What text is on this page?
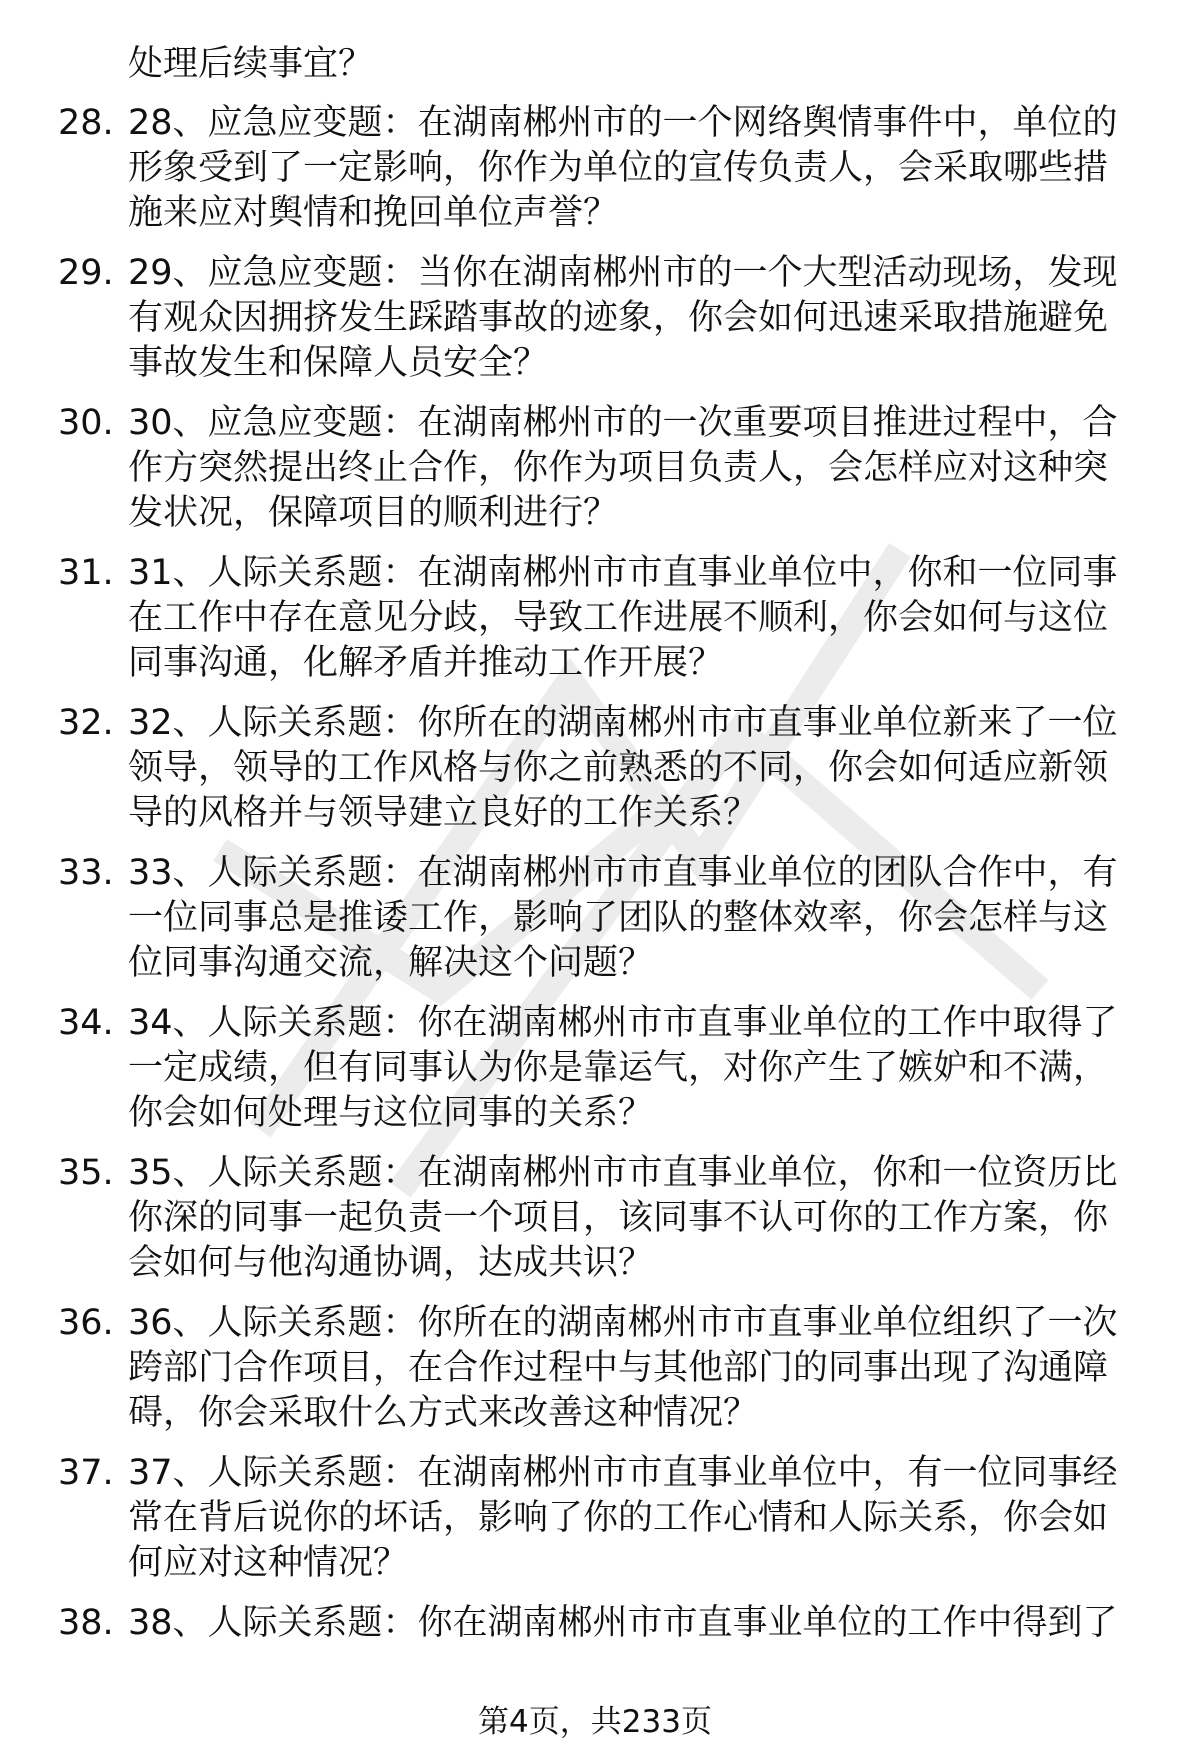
处理后续事宜？
28. 28、应急应变题：在湖南郴州市的一个网络舆情事件中，单位的
形象受到了一定影响，你作为单位的宣传负责人，会采取哪些措
施来应对舆情和挽回单位声誉？
29. 29、应急应变题：当你在湖南郴州市的一个大型活动现场，发现
有观众因拥挤发生踩踏事故的迹象，你会如何迅速采取措施避免
事故发生和保障人员安全？
30. 30、应急应变题：在湖南郴州市的一次重要项目推进过程中，合
作方突然提出终止合作，你作为项目负责人，会怎样应对这种突
发状况，保障项目的顺利进行？
31. 31、人际关系题：在湖南郴州市市直事业单位中，你和一位同事
在工作中存在意见分歧，导致工作进展不顺利，你会如何与这位
同事沟通，化解矛盾并推动工作开展？
32. 32、人际关系题：你所在的湖南郴州市市直事业单位新来了一位
领导，领导的工作风格与你之前熟悉的不同，你会如何适应新领
导的风格并与领导建立良好的工作关系？
33. 33、人际关系题：在湖南郴州市市直事业单位的团队合作中，有
一位同事总是推诿工作，影响了团队的整体效率，你会怎样与这
位同事沟通交流，解决这个问题？
34. 34、人际关系题：你在湖南郴州市市直事业单位的工作中取得了
一定成绩，但有同事认为你是靠运气，对你产生了嫉妒和不满，
你会如何处理与这位同事的关系？
35. 35、人际关系题：在湖南郴州市市直事业单位，你和一位资历比
你深的同事一起负责一个项目，该同事不认可你的工作方案，你
会如何与他沟通协调，达成共识？
36. 36、人际关系题：你所在的湖南郴州市市直事业单位组织了一次
跨部门合作项目，在合作过程中与其他部门的同事出现了沟通障
碍，你会采取什么方式来改善这种情况？
37. 37、人际关系题：在湖南郴州市市直事业单位中，有一位同事经
常在背后说你的坏话，影响了你的工作心情和人际关系，你会如
何应对这种情况？
38. 38、人际关系题：你在湖南郴州市市直事业单位的工作中得到了
第4页，共233页
